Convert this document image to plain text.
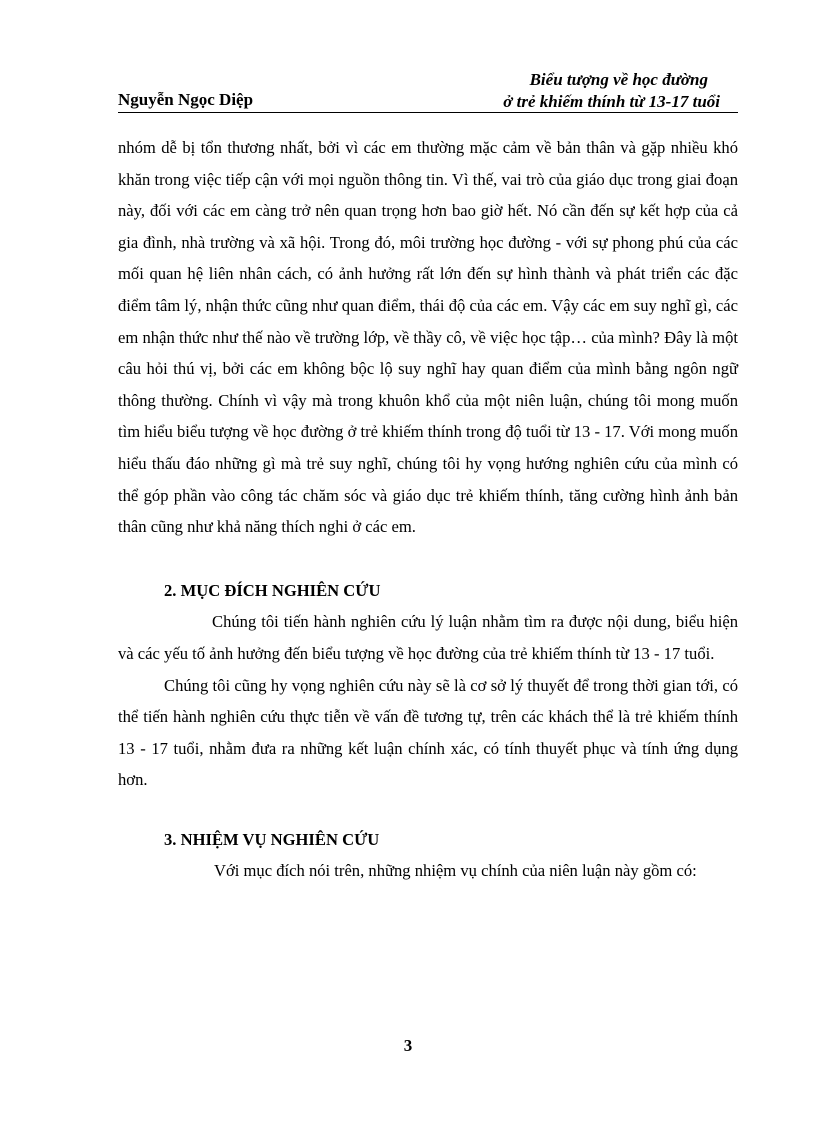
Nguyễn Ngọc Diệp
Biểu tượng về học đường
ở trẻ khiếm thính từ 13-17 tuổi

nhóm dễ bị tổn thương nhất, bởi vì các em thường mặc cảm về bản thân và gặp nhiều khó khăn trong việc tiếp cận với mọi nguồn thông tin. Vì thế, vai trò của giáo dục trong giai đoạn này, đối với các em càng trở nên quan trọng hơn bao giờ hết. Nó cần đến sự kết hợp của cả gia đình, nhà trường và xã hội. Trong đó, môi trường học đường - với sự phong phú của các mối quan hệ liên nhân cách, có ảnh hưởng rất lớn đến sự hình thành và phát triển các đặc điểm tâm lý, nhận thức cũng như quan điểm, thái độ của các em. Vậy các em suy nghĩ gì, các em nhận thức như thế nào về trường lớp, về thầy cô, về việc học tập… của mình? Đây là một câu hỏi thú vị, bởi các em không bộc lộ suy nghĩ hay quan điểm của mình bằng ngôn ngữ thông thường. Chính vì vậy mà trong khuôn khổ của một niên luận, chúng tôi mong muốn tìm hiểu biểu tượng về học đường ở trẻ khiếm thính trong độ tuổi từ 13 - 17. Với mong muốn hiểu thấu đáo những gì mà trẻ suy nghĩ, chúng tôi hy vọng hướng nghiên cứu của mình có thể góp phần vào công tác chăm sóc và giáo dục trẻ khiếm thính, tăng cường hình ảnh bản thân cũng như khả năng thích nghi ở các em.

2. MỤC ĐÍCH NGHIÊN CỨU

Chúng tôi tiến hành nghiên cứu lý luận nhằm tìm ra được nội dung, biểu hiện và các yếu tố ảnh hưởng đến biểu tượng về học đường của trẻ khiếm thính từ 13 - 17 tuổi.

Chúng tôi cũng hy vọng nghiên cứu này sẽ là cơ sở lý thuyết để trong thời gian tới, có thể tiến hành nghiên cứu thực tiễn về vấn đề tương tự, trên các khách thể là trẻ khiếm thính 13 - 17 tuổi, nhằm đưa ra những kết luận chính xác, có tính thuyết phục và tính ứng dụng hơn.

3. NHIỆM VỤ NGHIÊN CỨU

Với mục đích nói trên, những nhiệm vụ chính của niên luận này gồm có:

3
